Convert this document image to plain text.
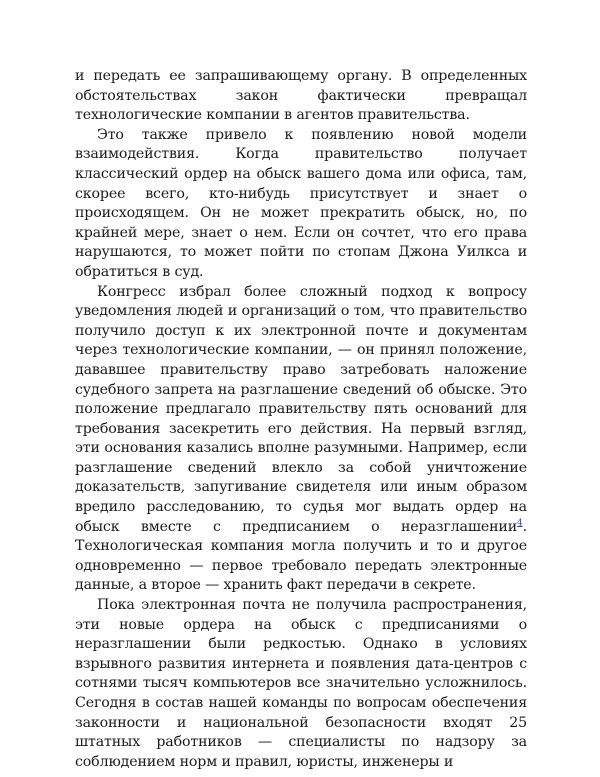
и передать ее запрашивающему органу. В определенных обстоятельствах закон фактически превращал технологические компании в агентов правительства.

Это также привело к появлению новой модели взаимодействия. Когда правительство получает классический ордер на обыск вашего дома или офиса, там, скорее всего, кто-нибудь присутствует и знает о происходящем. Он не может прекратить обыск, но, по крайней мере, знает о нем. Если он сочтет, что его права нарушаются, то может пойти по стопам Джона Уилкса и обратиться в суд.

Конгресс избрал более сложный подход к вопросу уведомления людей и организаций о том, что правительство получило доступ к их электронной почте и документам через технологические компании, — он принял положение, дававшее правительству право затребовать наложение судебного запрета на разглашение сведений об обыске. Это положение предлагало правительству пять оснований для требования засекретить его действия. На первый взгляд, эти основания казались вполне разумными. Например, если разглашение сведений влекло за собой уничтожение доказательств, запугивание свидетеля или иным образом вредило расследованию, то судья мог выдать ордер на обыск вместе с предписанием о неразглашении$^4$. Технологическая компания могла получить и то и другое одновременно — первое требовало передать электронные данные, а второе — хранить факт передачи в секрете.

Пока электронная почта не получила распространения, эти новые ордера на обыск с предписаниями о неразглашении были редкостью. Однако в условиях взрывного развития интернета и появления дата-центров с сотнями тысяч компьютеров все значительно усложнилось. Сегодня в состав нашей команды по вопросам обеспечения законности и национальной безопасности входят 25 штатных работников — специалисты по надзору за соблюдением норм и правил, юристы, инженеры и
